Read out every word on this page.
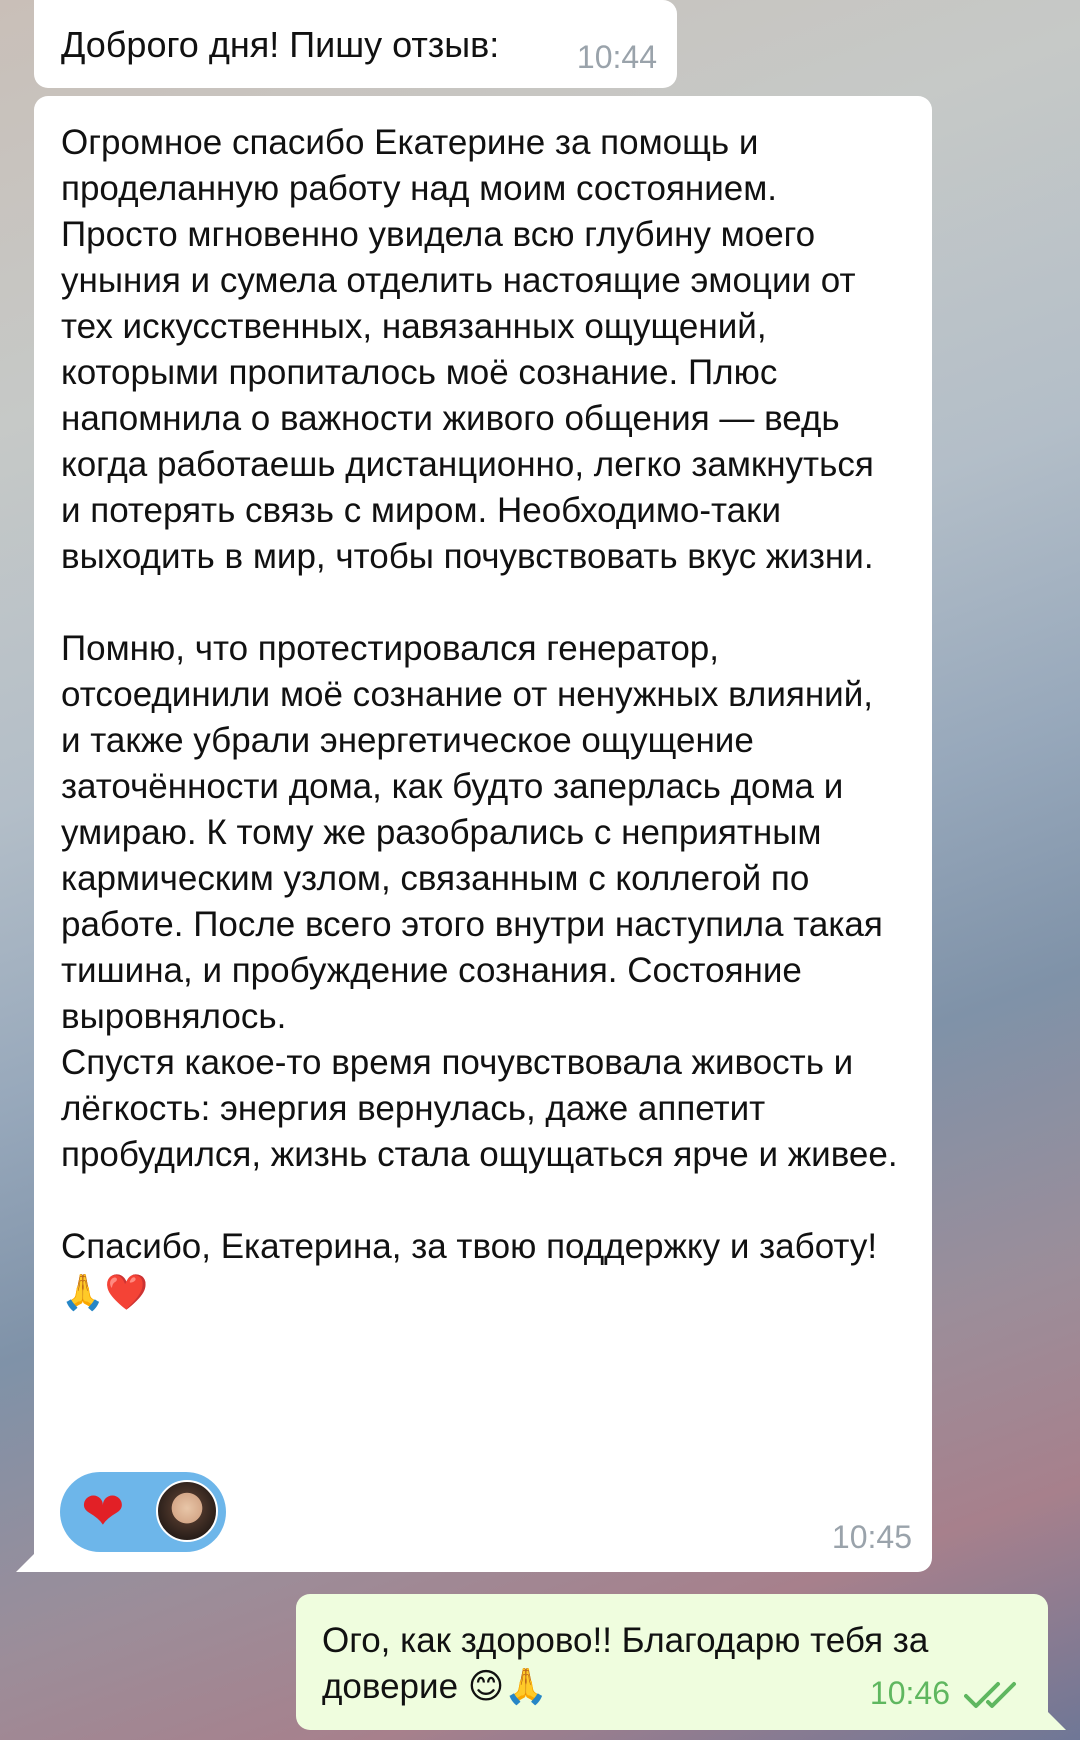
Доброго дня! Пишу отзыв: 10:44
Огромное спасибо Екатерине за помощь и проделанную работу над моим состоянием. Просто мгновенно увидела всю глубину моего уныния и сумела отделить настоящие эмоции от тех искусственных, навязанных ощущений, которыми пропиталось моё сознание. Плюс напомнила о важности живого общения — ведь когда работаешь дистанционно, легко замкнуться и потерять связь с миром. Необходимо-таки выходить в мир, чтобы почувствовать вкус жизни.

Помню, что протестировался генератор, отсоединили моё сознание от ненужных влияний, и также убрали энергетическое ощущение заточённости дома, как будто заперлась дома и умираю. К тому же разобрались с неприятным кармическим узлом, связанным с коллегой по работе. После всего этого внутри наступила такая тишина, и пробуждение сознания. Состояние выровнялось.
Спустя какое-то время почувствовала живость и лёгкость: энергия вернулась, даже аппетит пробудился, жизнь стала ощущаться ярче и живее.

Спасибо, Екатерина, за твою поддержку и заботу! 🙏❤️
❤	10:45
Ого, как здорово!! Благодарю тебя за доверие 😊🙏	10:46
